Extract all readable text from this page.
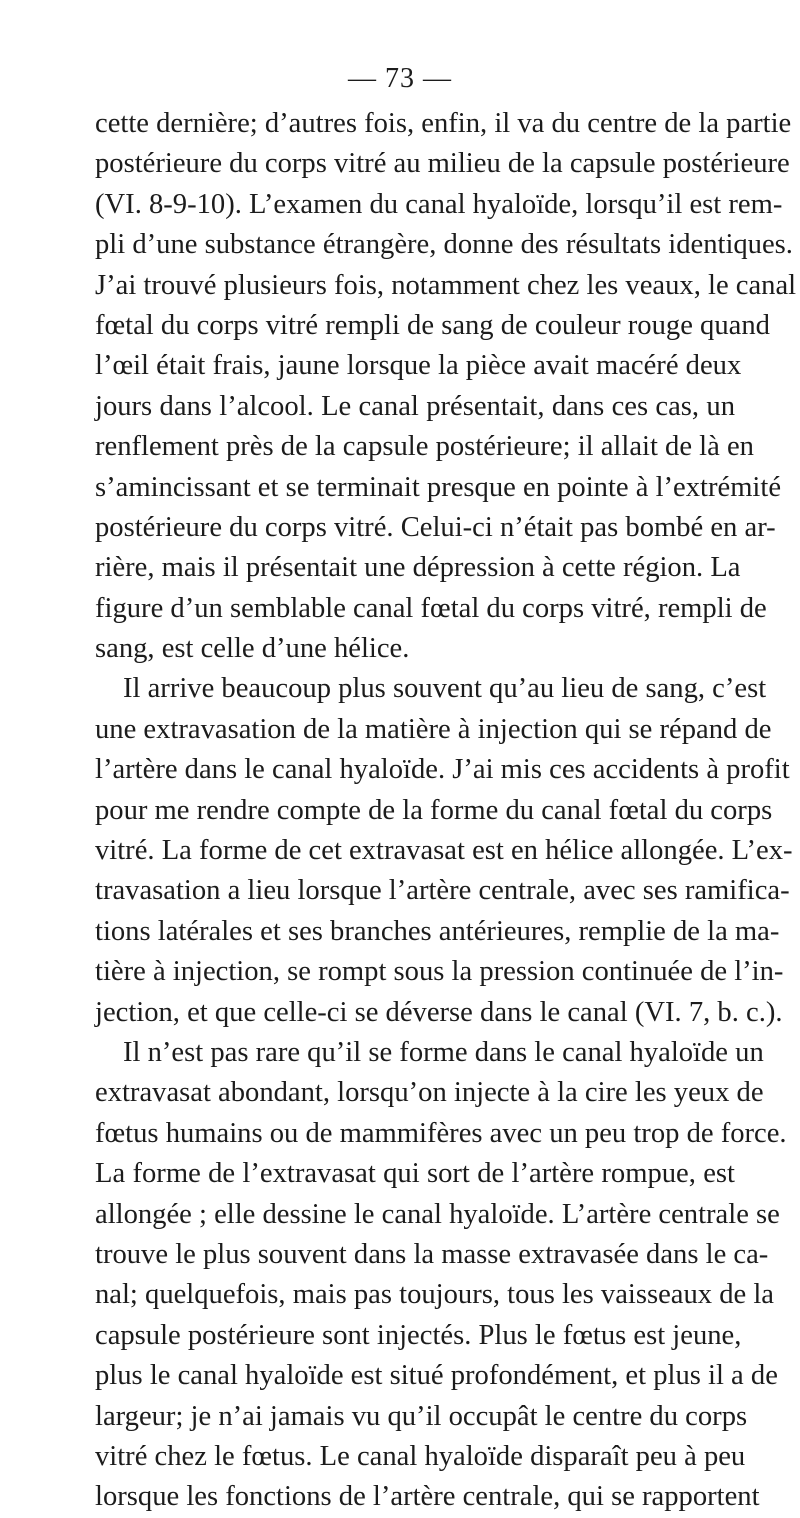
— 73 —
cette dernière; d’autres fois, enfin, il va du centre de la partie
postérieure du corps vitré au milieu de la capsule postérieure
(VI. 8-9-10). L’examen du canal hyaloïde, lorsqu’il est rem-
pli d’une substance étrangère, donne des résultats identiques.
J’ai trouvé plusieurs fois, notamment chez les veaux, le canal
fœtal du corps vitré rempli de sang de couleur rouge quand
l’œil était frais, jaune lorsque la pièce avait macéré deux
jours dans l’alcool. Le canal présentait, dans ces cas, un
renflement près de la capsule postérieure; il allait de là en
s’amincissant et se terminait presque en pointe à l’extrémité
postérieure du corps vitré. Celui-ci n’était pas bombé en ar-
rière, mais il présentait une dépression à cette région. La
figure d’un semblable canal fœtal du corps vitré, rempli de
sang, est celle d’une hélice.
Il arrive beaucoup plus souvent qu’au lieu de sang, c’est
une extravasation de la matière à injection qui se répand de
l’artère dans le canal hyaloïde. J’ai mis ces accidents à profit
pour me rendre compte de la forme du canal fœtal du corps
vitré. La forme de cet extravasat est en hélice allongée. L’ex-
travasation a lieu lorsque l’artère centrale, avec ses ramifica-
tions latérales et ses branches antérieures, remplie de la ma-
tière à injection, se rompt sous la pression continuée de l’in-
jection, et que celle-ci se déverse dans le canal (VI. 7, b. c.).
Il n’est pas rare qu’il se forme dans le canal hyaloïde un
extravasat abondant, lorsqu’on injecte à la cire les yeux de
fœtus humains ou de mammifères avec un peu trop de force.
La forme de l’extravasat qui sort de l’artère rompue, est
allongée ; elle dessine le canal hyaloïde. L’artère centrale se
trouve le plus souvent dans la masse extravasée dans le ca-
nal; quelquefois, mais pas toujours, tous les vaisseaux de la
capsule postérieure sont injectés. Plus le fœtus est jeune,
plus le canal hyaloïde est situé profondément, et plus il a de
largeur; je n’ai jamais vu qu’il occupât le centre du corps
vitré chez le fœtus. Le canal hyaloïde disparaît peu à peu
lorsque les fonctions de l’artère centrale, qui se rapportent
